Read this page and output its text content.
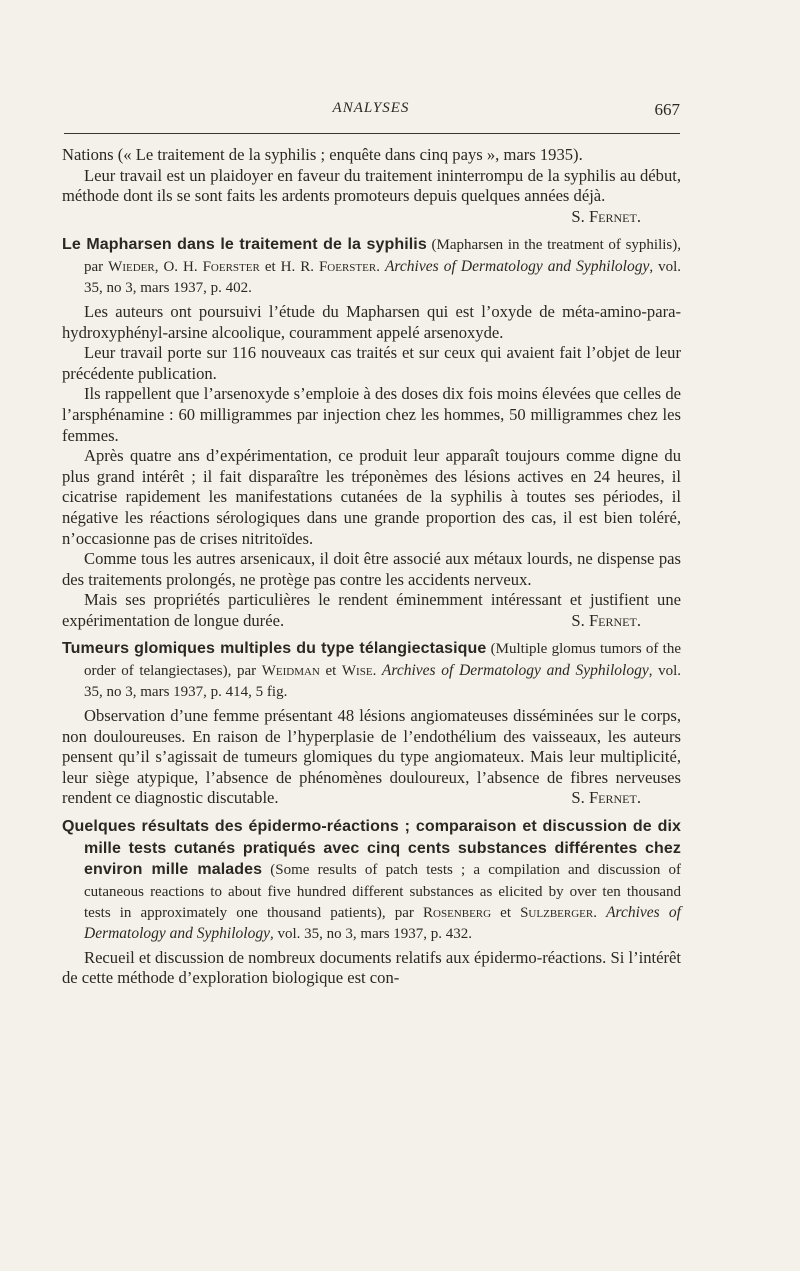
ANALYSES	667

Nations (« Le traitement de la syphilis ; enquête dans cinq pays », mars 1935).

Leur travail est un plaidoyer en faveur du traitement ininterrompu de la syphilis au début, méthode dont ils se sont faits les ardents promoteurs depuis quelques années déjà.
S. Fernet.

Le Mapharsen dans le traitement de la syphilis (Mapharsen in the treatment of syphilis), par Wieder, O. H. Foerster et H. R. Foerster. Archives of Dermatology and Syphilology, vol. 35, no 3, mars 1937, p. 402.

Les auteurs ont poursuivi l’étude du Mapharsen qui est l’oxyde de méta-amino-para-hydroxyphényl-arsine alcoolique, couramment appelé arsenoxyde.

Leur travail porte sur 116 nouveaux cas traités et sur ceux qui avaient fait l’objet de leur précédente publication.

Ils rappellent que l’arsenoxyde s’emploie à des doses dix fois moins élevées que celles de l’arsphénamine : 60 milligrammes par injection chez les hommes, 50 milligrammes chez les femmes.

Après quatre ans d’expérimentation, ce produit leur apparaît toujours comme digne du plus grand intérêt ; il fait disparaître les tréponèmes des lésions actives en 24 heures, il cicatrise rapidement les manifestations cutanées de la syphilis à toutes ses périodes, il négative les réactions sérologiques dans une grande proportion des cas, il est bien toléré, n’occasionne pas de crises nitritoïdes.

Comme tous les autres arsenicaux, il doit être associé aux métaux lourds, ne dispense pas des traitements prolongés, ne protège pas contre les accidents nerveux.

Mais ses propriétés particulières le rendent éminemment intéressant et justifient une expérimentation de longue durée.	S. Fernet.

Tumeurs glomiques multiples du type télangiectasique (Multiple glomus tumors of the order of telangiectases), par Weidman et Wise. Archives of Dermatology and Syphilology, vol. 35, no 3, mars 1937, p. 414, 5 fig.

Observation d’une femme présentant 48 lésions angiomateuses disséminées sur le corps, non douloureuses. En raison de l’hyperplasie de l’endothélium des vaisseaux, les auteurs pensent qu’il s’agissait de tumeurs glomiques du type angiomateux. Mais leur multiplicité, leur siège atypique, l’absence de phénomènes douloureux, l’absence de fibres nerveuses rendent ce diagnostic discutable.	S. Fernet.

Quelques résultats des épidermo-réactions ; comparaison et discussion de dix mille tests cutanés pratiqués avec cinq cents substances différentes chez environ mille malades (Some results of patch tests ; a compilation and discussion of cutaneous reactions to about five hundred different substances as elicited by over ten thousand tests in approximately one thousand patients), par Rosenberg et Sulzberger. Archives of Dermatology and Syphilology, vol. 35, no 3, mars 1937, p. 432.

Recueil et discussion de nombreux documents relatifs aux épidermo-réactions. Si l’intérêt de cette méthode d’exploration biologique est con-
